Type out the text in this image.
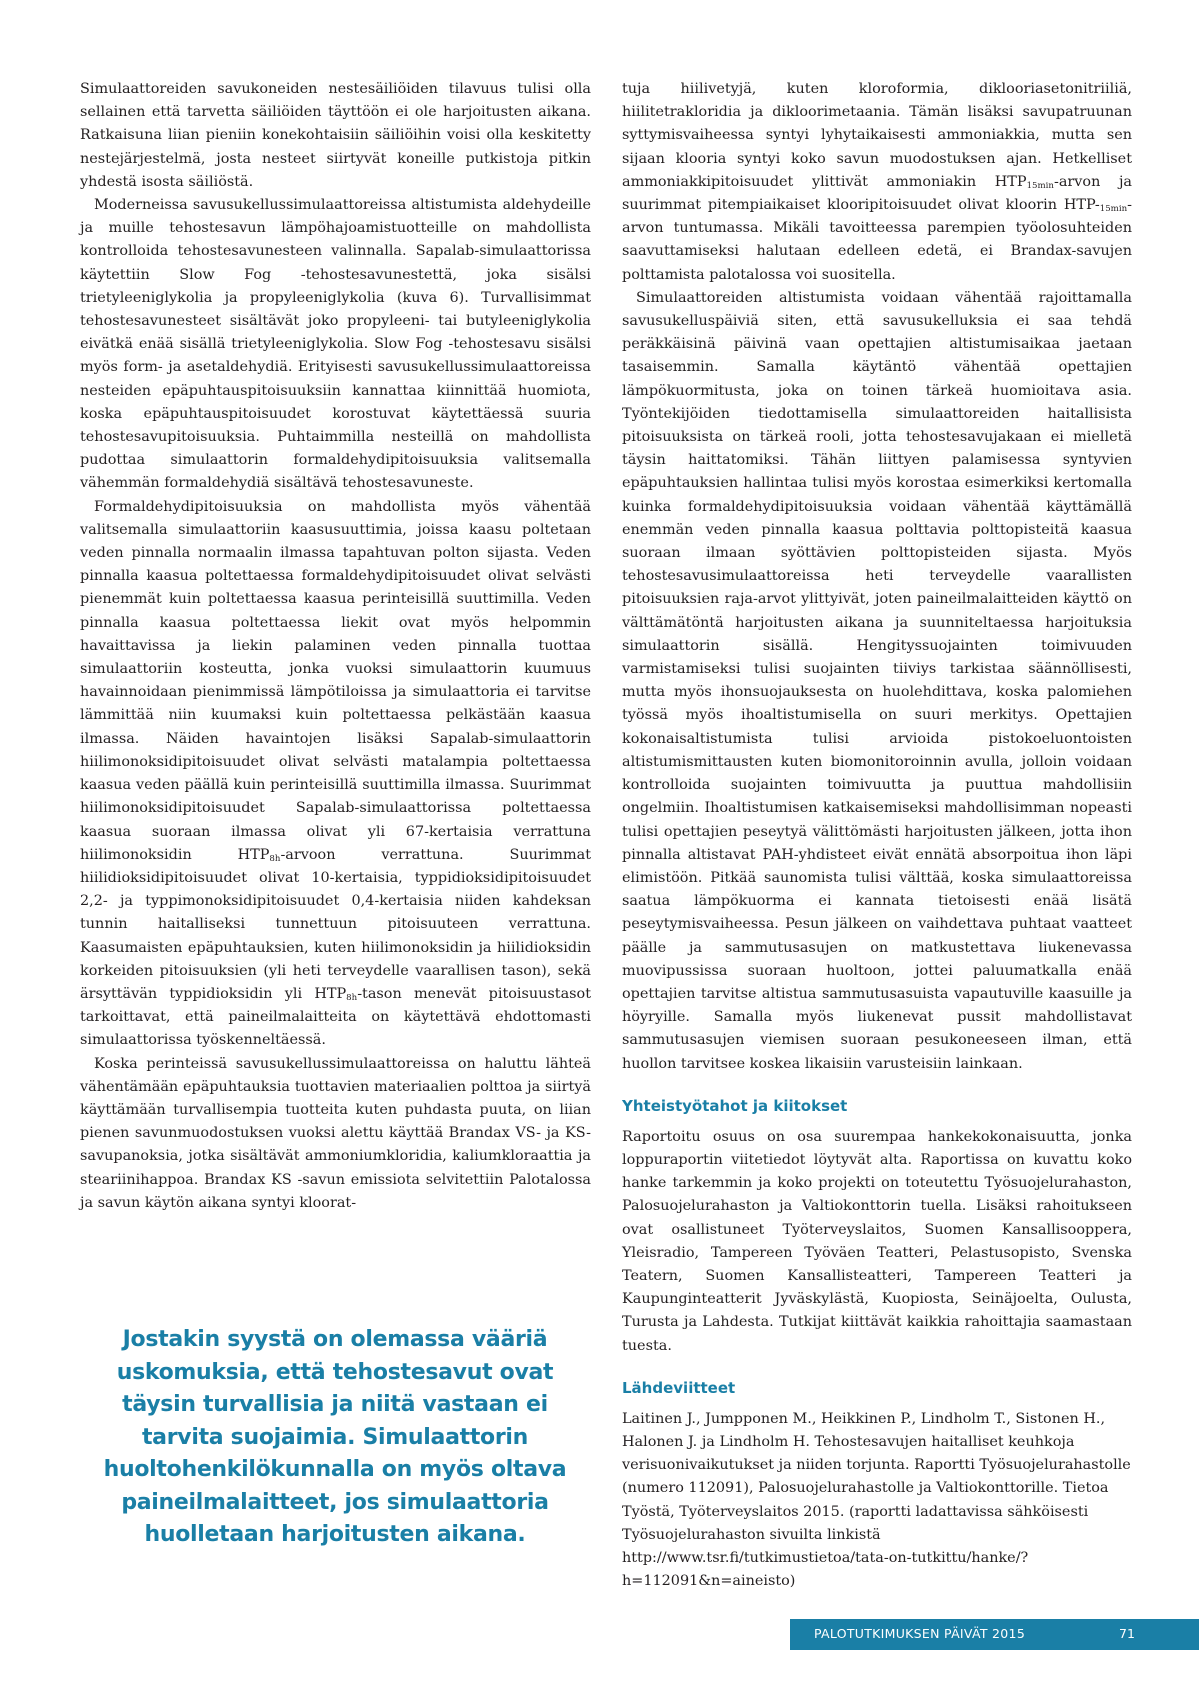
Simulaattoreiden savukoneiden nestesäiliöiden tilavuus tulisi olla sellainen että tarvetta säiliöiden täyttöön ei ole harjoitusten aikana. Ratkaisuna liian pieniin konekohtaisiin säiliöihin voisi olla keskitetty nestejärjestelmä, josta nesteet siirtyvät koneille putkistoja pitkin yhdestä isosta säiliöstä.

Moderneissa savusukellussimulaattoreissa altistumista aldehydeille ja muille tehostesavun lämpöhajoamistuotteille on mahdollista kontrolloida tehostesavunesteen valinnalla. Sapalab-simulaattorissa käytettiin Slow Fog -tehostesavunestettä, joka sisälsi trietyleeniglykolia ja propyleeniglykolia (kuva 6). Turvallisimmat tehostesavunesteet sisältävät joko propyleeni- tai butyleeniglykolia eivätkä enää sisällä trietyleeniglykolia. Slow Fog -tehostesavu sisälsi myös form- ja asetaldehydiä. Erityisesti savusukellussimulaattoreissa nesteiden epäpuhtauspitoisuuksiin kannattaa kiinnittää huomiota, koska epäpuhtauspitoisuudet korostuvat käytettäessä suuria tehostesavupitoisuuksia. Puhtaimmilla nesteillä on mahdollista pudottaa simulaattorin formaldehydipitoisuuksia valitsemalla vähemmän formaldehydiä sisältävä tehostesavuneste.

Formaldehydipitoisuuksia on mahdollista myös vähentää valitsemalla simulaattoriin kaasusuuttimia, joissa kaasu poltetaan veden pinnalla normaalin ilmassa tapahtuvan polton sijasta. Veden pinnalla kaasua poltettaessa formaldehydipitoisuudet olivat selvästi pienemmät kuin poltettaessa kaasua perinteisillä suuttimilla. Veden pinnalla kaasua poltettaessa liekit ovat myös helpommin havaittavissa ja liekin palaminen veden pinnalla tuottaa simulaattoriin kosteutta, jonka vuoksi simulaattorin kuumuus havainnoidaan pienimmissä lämpötiloissa ja simulaattoria ei tarvitse lämmittää niin kuumaksi kuin poltettaessa pelkästään kaasua ilmassa. Näiden havaintojen lisäksi Sapalab-simulaattorin hiilimonoksidipitoisuudet olivat selvästi matalampia poltettaessa kaasua veden päällä kuin perinteisillä suuttimilla ilmassa. Suurimmat hiilimonoksidipitoisuudet Sapalab-simulaattorissa poltettaessa kaasua suoraan ilmassa olivat yli 67-kertaisia verrattuna hiilimonoksidin $HTP_{8h}$-arvoon verrattuna. Suurimmat hiilidioksidipitoisuudet olivat 10-kertaisia, typpidioksidipitoisuudet 2,2- ja typpimonoksidipitoisuudet 0,4-kertaisia niiden kahdeksan tunnin haitalliseksi tunnettuun pitoisuuteen verrattuna. Kaasumaisten epäpuhtauksien, kuten hiilimonoksidin ja hiilidioksidin korkeiden pitoisuuksien (yli heti terveydelle vaarallisen tason), sekä ärsyttävän typpidioksidin yli $HTP_{8h}$-tason menevät pitoisuustasot tarkoittavat, että paineilmalaitteita on käytettävä ehdottomasti simulaattorissa työskenneltäessä.

Koska perinteissä savusukellussimulaattoreissa on haluttu lähteä vähentämään epäpuhtauksia tuottavien materiaalien polttoa ja siirtyä käyttämään turvallisempia tuotteita kuten puhdasta puuta, on liian pienen savunmuodostuksen vuoksi alettu käyttää Brandax VS- ja KS-savupanoksia, jotka sisältävät ammoniumkloridia, kaliumkloraattia ja steariinihappoa. Brandax KS -savun emissiota selvitettiin Palotalossa ja savun käytön aikana syntyi kloorat-

tuja hiilivetyjä, kuten kloroformia, diklooriasetonitriiliä, hiilitetrakloridia ja dikloorimetaania. Tämän lisäksi savupatruunan syttymisvaiheessa syntyi lyhytaikaisesti ammoniakkia, mutta sen sijaan klooria syntyi koko savun muodostuksen ajan. Hetkelliset ammoniakkipitoisuudet ylittivät ammoniakin $HTP_{15min}$-arvon ja suurimmat pitempiaikaiset klooripitoisuudet olivat kloorin HTP-$_{15min}$-arvon tuntumassa. Mikäli tavoitteessa parempien työolosuhteiden saavuttamiseksi halutaan edelleen edetä, ei Brandax-savujen polttamista palotalossa voi suositella.

Simulaattoreiden altistumista voidaan vähentää rajoittamalla savusukelluspäiviä siten, että savusukelluksia ei saa tehdä peräkkäisinä päivinä vaan opettajien altistumisaikaa jaetaan tasaisemmin. Samalla käytäntö vähentää opettajien lämpökuormitusta, joka on toinen tärkeä huomioitava asia. Työntekijöiden tiedottamisella simulaattoreiden haitallisista pitoisuuksista on tärkeä rooli, jotta tehostesavujakaan ei mielletä täysin haittatomiksi. Tähän liittyen palamisessa syntyvien epäpuhtauksien hallintaa tulisi myös korostaa esimerkiksi kertomalla kuinka formaldehydipitoisuuksia voidaan vähentää käyttämällä enemmän veden pinnalla kaasua polttavia polttopisteitä kaasua suoraan ilmaan syöttävien polttopisteiden sijasta. Myös tehostesavusimulaattoreissa heti terveydelle vaarallisten pitoisuuksien raja-arvot ylittyivät, joten paineilmalaitteiden käyttö on välttämätöntä harjoitusten aikana ja suunniteltaessa harjoituksia simulaattorin sisällä. Hengityssuojainten toimivuuden varmistamiseksi tulisi suojainten tiiviys tarkistaa säännöllisesti, mutta myös ihonsuojauksesta on huolehdittava, koska palomiehen työssä myös ihoaltistumisella on suuri merkitys. Opettajien kokonaisaltistumista tulisi arvioida pistokoeluontoisten altistumismittausten kuten biomonitoroinnin avulla, jolloin voidaan kontrolloida suojainten toimivuutta ja puuttua mahdollisiin ongelmiin. Ihoaltistumisen katkaisemiseksi mahdollisimman nopeasti tulisi opettajien peseytyä välittömästi harjoitusten jälkeen, jotta ihon pinnalla altistavat PAH-yhdisteet eivät ennätä absorpoitua ihon läpi elimistöön. Pitkää saunomista tulisi välttää, koska simulaattoreissa saatua lämpökuorma ei kannata tietoisesti enää lisätä peseytymisvaiheessa. Pesun jälkeen on vaihdettava puhtaat vaatteet päälle ja sammutusasujen on matkustettava liukenevassa muovipussissa suoraan huoltoon, jottei paluumatkalla enää opettajien tarvitse altistua sammutusasuista vapautuville kaasuille ja höyryille. Samalla myös liukenevat pussit mahdollistavat sammutusasujen viemisen suoraan pesukoneeseen ilman, että huollon tarvitsee koskea likaisiin varusteisiin lainkaan.

Yhteistyötahot ja kiitokset

Raportoitu osuus on osa suurempaa hankekokonaisuutta, jonka loppuraportin viitetiedot löytyvät alta. Raportissa on kuvattu koko hanke tarkemmin ja koko projekti on toteutettu Työsuojelurahaston, Palosuojelurahaston ja Valtiokonttorin tuella. Lisäksi rahoitukseen ovat osallistuneet Työterveyslaitos, Suomen Kansallisooppera, Yleisradio, Tampereen Työväen Teatteri, Pelastusopisto, Svenska Teatern, Suomen Kansallisteatteri, Tampereen Teatteri ja Kaupunginteatterit Jyväskylästä, Kuopiosta, Seinäjoelta, Oulusta, Turusta ja Lahdesta. Tutkijat kiittävät kaikkia rahoittajia saamastaan tuesta.

Lähdeviitteet

Laitinen J., Jumpponen M., Heikkinen P., Lindholm T., Sistonen H., Halonen J. ja Lindholm H. Tehostesavujen haitalliset keuhkoja verisuonivaikutukset ja niiden torjunta. Raportti Työsuojelurahastolle (numero 112091), Palosuojelurahastolle ja Valtiokonttorille. Tietoa Työstä, Työterveyslaitos 2015. (raportti ladattavissa sähköisesti Työsuojelurahaston sivuilta linkistä http://www.tsr.fi/tutkimustietoa/tata-on-tutkittu/hanke/?h=112091&n=aineisto)

Jostakin syystä on olemassa vääriä uskomuksia, että tehostesavut ovat täysin turvallisia ja niitä vastaan ei tarvita suojaimia. Simulaattorin huoltohenkilökunnalla on myös oltava paineilmalaitteet, jos simulaattoria huolletaan harjoitusten aikana.

PALOTUTKIMUKSEN PÄIVÄT 2015	71
